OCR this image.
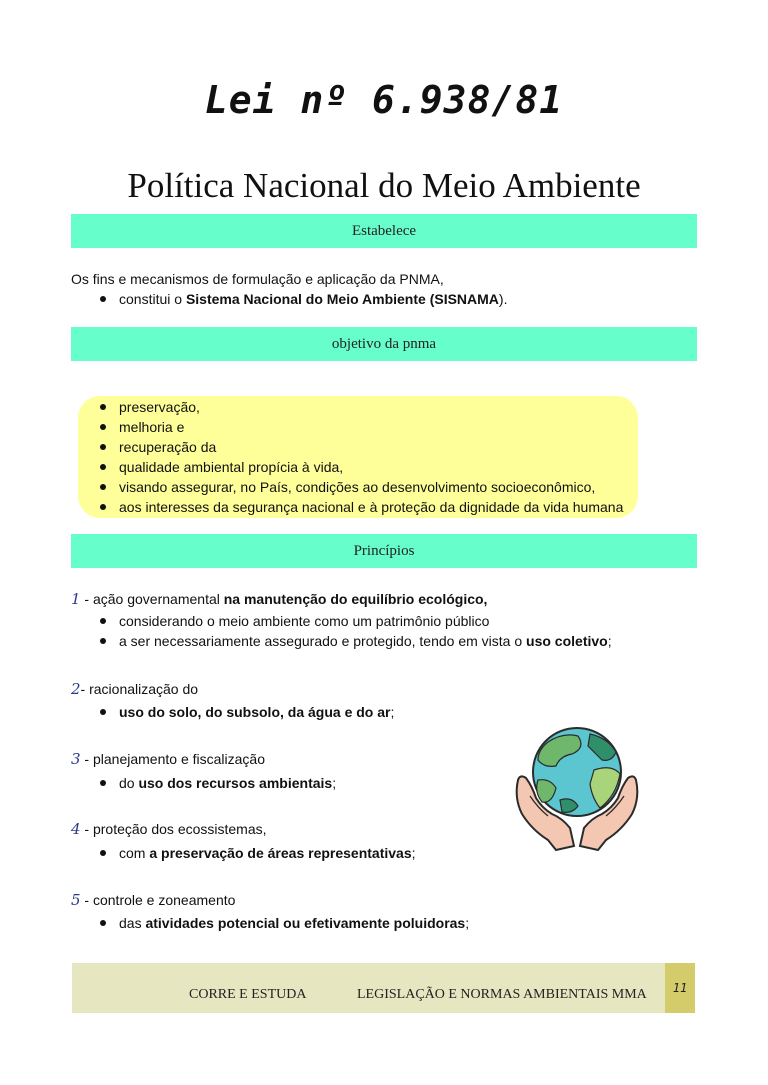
Lei nº 6.938/81
Política Nacional do Meio Ambiente
Estabelece
Os fins e mecanismos de formulação e aplicação da PNMA,
constitui o Sistema Nacional do Meio Ambiente (SISNAMA).
objetivo da pnma
preservação,
melhoria e
recuperação da
qualidade ambiental propícia à vida,
visando assegurar, no País, condições ao desenvolvimento socioeconômico,
aos interesses da segurança nacional e à proteção da dignidade da vida humana
Princípios
1 - ação governamental na manutenção do equilíbrio ecológico,
considerando o meio ambiente como um patrimônio público
a ser necessariamente assegurado e protegido, tendo em vista o uso coletivo;
2- racionalização do
uso do solo, do subsolo, da água e do ar;
3 - planejamento e fiscalização
do uso dos recursos ambientais;
4 - proteção dos ecossistemas,
com a preservação de áreas representativas;
5 - controle e zoneamento
das atividades potencial ou efetivamente poluidoras;
CORRE E ESTUDA	LEGISLAÇÃO E NORMAS AMBIENTAIS MMA	11
